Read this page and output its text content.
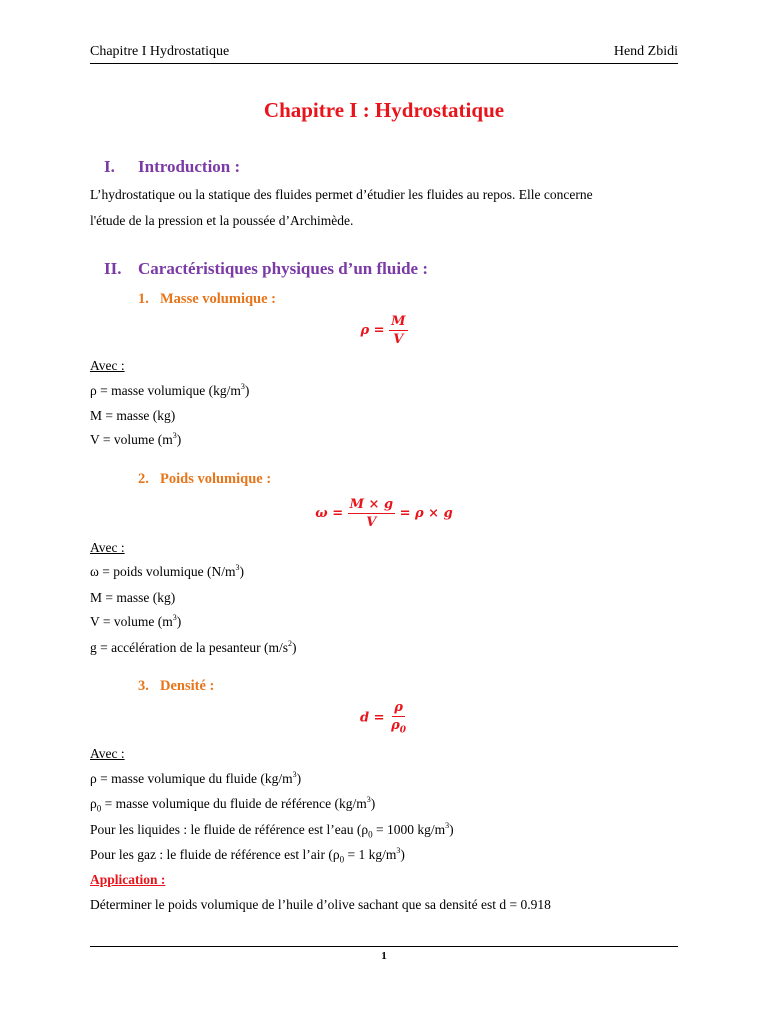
Chapitre I Hydrostatique	Hend Zbidi
Chapitre I : Hydrostatique
I. Introduction :
L’hydrostatique ou la statique des fluides permet d’étudier les fluides au repos. Elle concerne
l'étude de la pression et la poussée d’Archimède.
II. Caractéristiques physiques d’un fluide :
1. Masse volumique :
$\rho = \frac{M}{V}$
Avec :
ρ = masse volumique $(kg/m^3)$
M = masse (kg)
V = volume $(m^3)$
2. Poids volumique :
$\omega = \frac{M \times g}{V} = \rho \times g$
Avec :
ω = poids volumique $(N/m^3)$
M = masse (kg)
V = volume $(m^3)$
g = accélération de la pesanteur $(m/s^2)$
3. Densité :
$d = \frac{\rho}{\rho_0}$
Avec :
ρ = masse volumique du fluide $(kg/m^3)$
$\rho_0$ = masse volumique du fluide de référence $(kg/m^3)$
Pour les liquides : le fluide de référence est l’eau ($\rho_0 = 1000$ $kg/m^3$)
Pour les gaz : le fluide de référence est l’air ($\rho_0 = 1$ $kg/m^3$)
Application :
Déterminer le poids volumique de l’huile d’olive sachant que sa densité est d = 0.918
1
